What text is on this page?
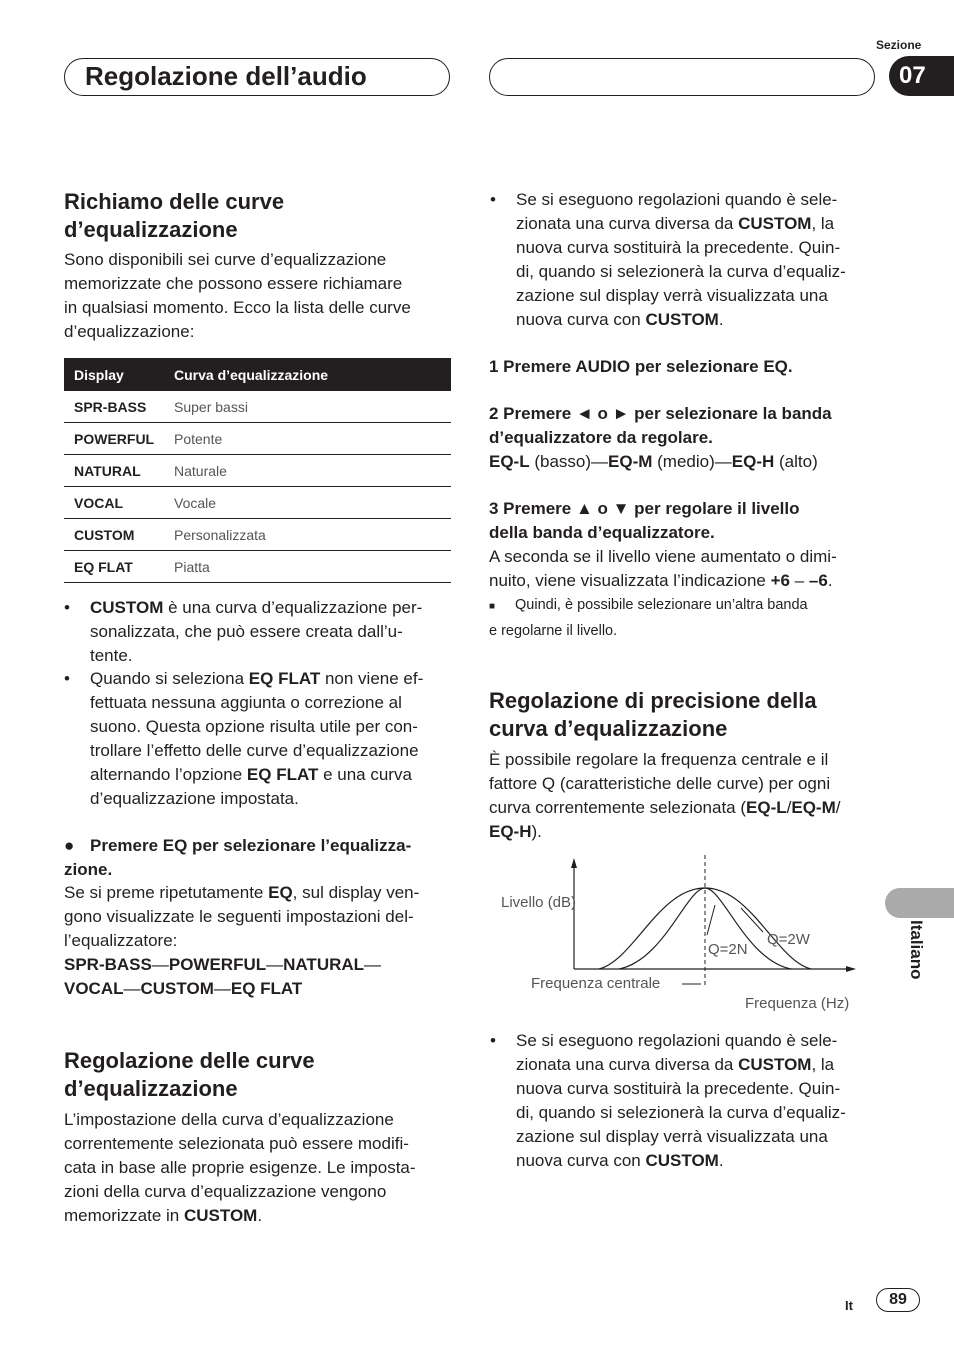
Regolazione dell’audio
Sezione
07
Richiamo delle curve
d’equalizzazione
Sono disponibili sei curve d’equalizzazione
memorizzate che possono essere richiamare
in qualsiasi momento. Ecco la lista delle curve
d’equalizzazione:
Display	Curva d’equalizzazione
SPR-BASS	Super bassi
POWERFUL	Potente
NATURAL	Naturale
VOCAL	Vocale
CUSTOM	Personalizzata
EQ FLAT	Piatta
• CUSTOM è una curva d’equalizzazione per-
sonalizzata, che può essere creata dall’u-
tente.
• Quando si seleziona EQ FLAT non viene ef-
fettuata nessuna aggiunta o correzione al
suono. Questa opzione risulta utile per con-
trollare l’effetto delle curve d’equalizzazione
alternando l’opzione EQ FLAT e una curva
d’equalizzazione impostata.
● Premere EQ per selezionare l’equalizza-
zione.
Se si preme ripetutamente EQ, sul display ven-
gono visualizzate le seguenti impostazioni del-
l’equalizzatore:
SPR-BASS—POWERFUL—NATURAL—
VOCAL—CUSTOM—EQ FLAT
Regolazione delle curve
d’equalizzazione
L’impostazione della curva d’equalizzazione
correntemente selezionata può essere modifi-
cata in base alle proprie esigenze. Le imposta-
zioni della curva d’equalizzazione vengono
memorizzate in CUSTOM.
• Se si eseguono regolazioni quando è sele-
zionata una curva diversa da CUSTOM, la
nuova curva sostituirà la precedente. Quin-
di, quando si selezionerà la curva d’equaliz-
zazione sul display verrà visualizzata una
nuova curva con CUSTOM.
1 Premere AUDIO per selezionare EQ.
2 Premere ◄ o ► per selezionare la banda
d’equalizzatore da regolare.
EQ-L (basso)—EQ-M (medio)—EQ-H (alto)
3 Premere ▲ o ▼ per regolare il livello
della banda d’equalizzatore.
A seconda se il livello viene aumentato o dimi-
nuito, viene visualizzata l’indicazione +6 – –6.
■ Quindi, è possibile selezionare un’altra banda
e regolarne il livello.
Regolazione di precisione della
curva d’equalizzazione
È possibile regolare la frequenza centrale e il
fattore Q (caratteristiche delle curve) per ogni
curva correntemente selezionata (EQ-L/EQ-M/
EQ-H).
Livello (dB)
Q=2N
Q=2W
Frequenza centrale
Frequenza (Hz)
• Se si eseguono regolazioni quando è sele-
zionata una curva diversa da CUSTOM, la
nuova curva sostituirà la precedente. Quin-
di, quando si selezionerà la curva d’equaliz-
zazione sul display verrà visualizzata una
nuova curva con CUSTOM.
Italiano
It	89
